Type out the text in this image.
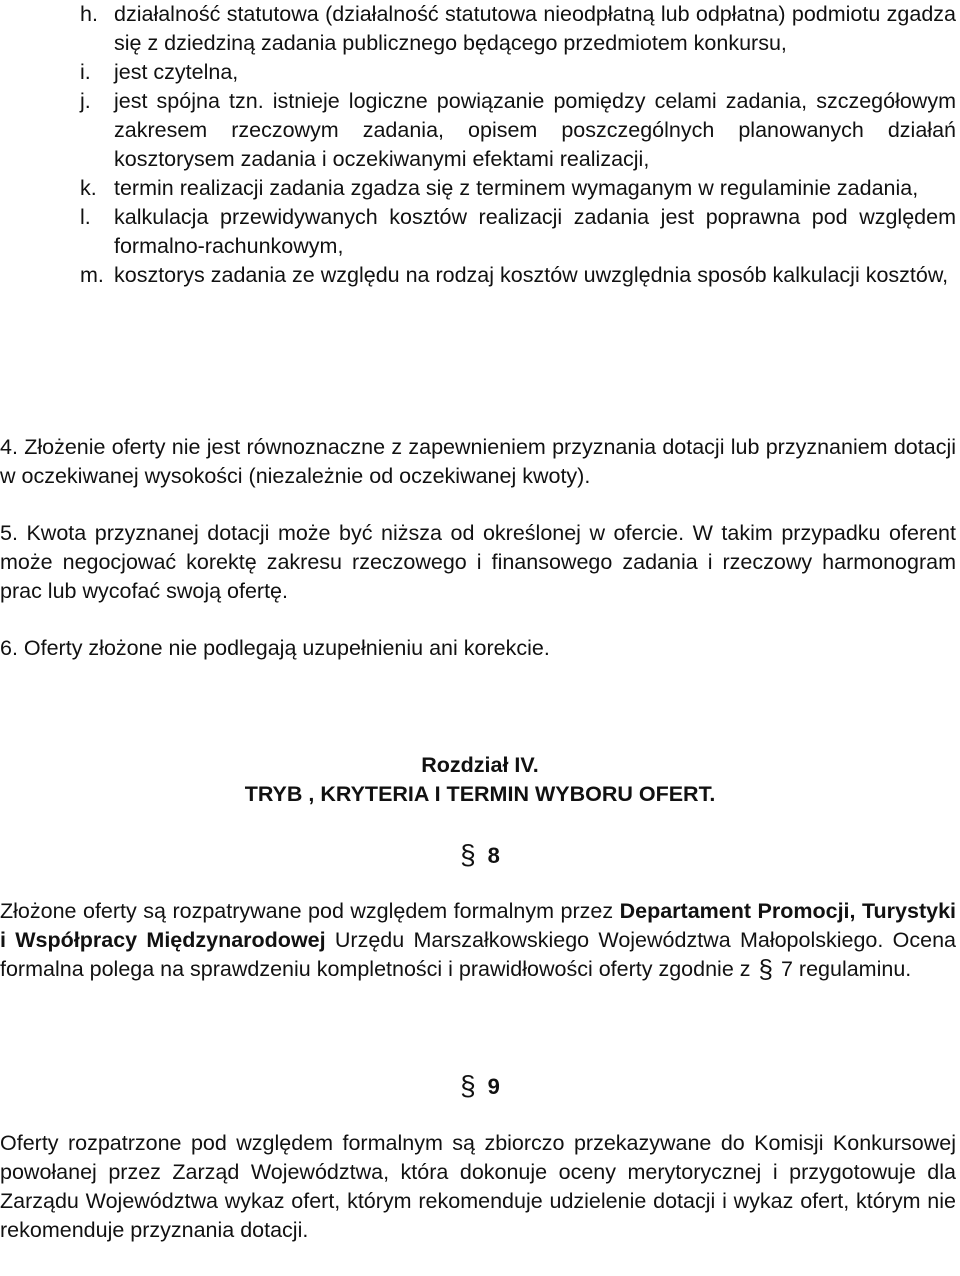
h. działalność statutowa (działalność statutowa nieodpłatną lub odpłatna) podmiotu zgadza się z dziedziną zadania publicznego będącego przedmiotem konkursu,
i. jest czytelna,
j. jest spójna tzn. istnieje logiczne powiązanie pomiędzy celami zadania, szczegółowym zakresem rzeczowym zadania, opisem poszczególnych planowanych działań kosztorysem zadania i oczekiwanymi efektami realizacji,
k. termin realizacji zadania zgadza się z terminem wymaganym w regulaminie zadania,
l. kalkulacja przewidywanych kosztów realizacji zadania jest poprawna pod względem formalno-rachunkowym,
m. kosztorys zadania ze względu na rodzaj kosztów uwzględnia sposób kalkulacji kosztów,
4. Złożenie oferty nie jest równoznaczne z zapewnieniem przyznania dotacji lub przyznaniem dotacji w oczekiwanej wysokości (niezależnie od oczekiwanej kwoty).
5. Kwota przyznanej dotacji może być niższa od określonej w ofercie. W takim przypadku oferent może negocjować korektę zakresu rzeczowego i finansowego zadania i rzeczowy harmonogram prac lub wycofać swoją ofertę.
6. Oferty złożone nie podlegają uzupełnieniu ani korekcie.
Rozdział IV.
TRYB , KRYTERIA I TERMIN WYBORU OFERT.
§ 8
Złożone oferty są rozpatrywane pod względem formalnym przez Departament Promocji, Turystyki i Współpracy Międzynarodowej Urzędu Marszałkowskiego Województwa Małopolskiego. Ocena formalna polega na sprawdzeniu kompletności i prawidłowości oferty zgodnie z § 7 regulaminu.
§ 9
Oferty rozpatrzone pod względem formalnym są zbiorczo przekazywane do Komisji Konkursowej powołanej przez Zarząd Województwa, która dokonuje oceny merytorycznej i przygotowuje dla Zarządu Województwa wykaz ofert, którym rekomenduje udzielenie dotacji i wykaz ofert, którym nie rekomenduje przyznania dotacji.
